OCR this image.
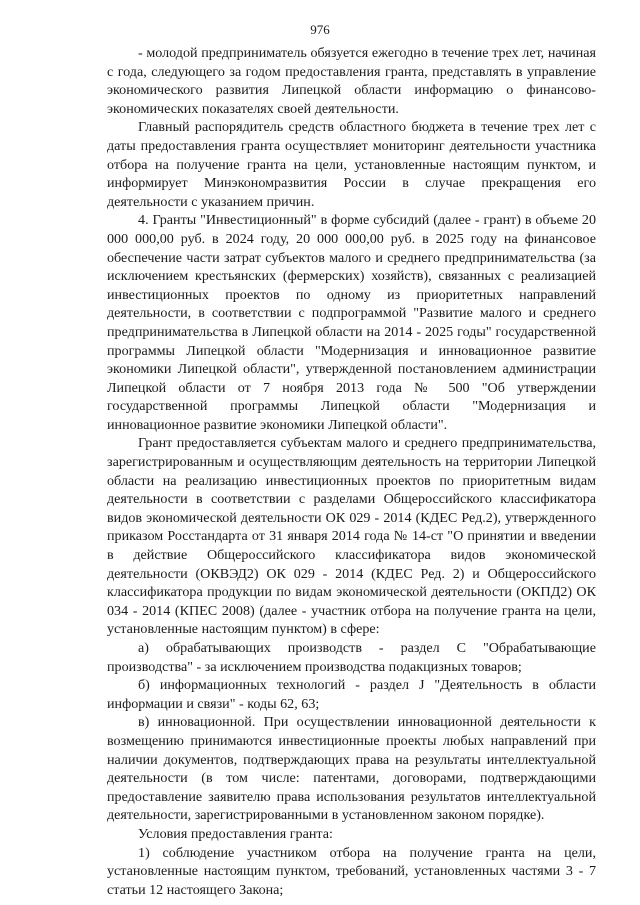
976

- молодой предприниматель обязуется ежегодно в течение трех лет, начиная с года, следующего за годом предоставления гранта, представлять в управление экономического развития Липецкой области информацию о финансово-экономических показателях своей деятельности.

Главный распорядитель средств областного бюджета в течение трех лет с даты предоставления гранта осуществляет мониторинг деятельности участника отбора на получение гранта на цели, установленные настоящим пунктом, и информирует Минэкономразвития России в случае прекращения его деятельности с указанием причин.

4. Гранты "Инвестиционный" в форме субсидий (далее - грант) в объеме 20 000 000,00 руб. в 2024 году, 20 000 000,00 руб. в 2025 году на финансовое обеспечение части затрат субъектов малого и среднего предпринимательства (за исключением крестьянских (фермерских) хозяйств), связанных с реализацией инвестиционных проектов по одному из приоритетных направлений деятельности, в соответствии с подпрограммой "Развитие малого и среднего предпринимательства в Липецкой области на 2014 - 2025 годы" государственной программы Липецкой области "Модернизация и инновационное развитие экономики Липецкой области", утвержденной постановлением администрации Липецкой области от 7 ноября 2013 года № 500 "Об утверждении государственной программы Липецкой области "Модернизация и инновационное развитие экономики Липецкой области".

Грант предоставляется субъектам малого и среднего предпринимательства, зарегистрированным и осуществляющим деятельность на территории Липецкой области на реализацию инвестиционных проектов по приоритетным видам деятельности в соответствии с разделами Общероссийского классификатора видов экономической деятельности ОК 029 - 2014 (КДЕС Ред.2), утвержденного приказом Росстандарта от 31 января 2014 года № 14-ст "О принятии и введении в действие Общероссийского классификатора видов экономической деятельности (ОКВЭД2) ОК 029 - 2014 (КДЕС Ред. 2) и Общероссийского классификатора продукции по видам экономической деятельности (ОКПД2) ОК 034 - 2014 (КПЕС 2008) (далее - участник отбора на получение гранта на цели, установленные настоящим пунктом) в сфере:

а) обрабатывающих производств - раздел С "Обрабатывающие производства" - за исключением производства подакцизных товаров;

б) информационных технологий - раздел J "Деятельность в области информации и связи" - коды 62, 63;

в) инновационной. При осуществлении инновационной деятельности к возмещению принимаются инвестиционные проекты любых направлений при наличии документов, подтверждающих права на результаты интеллектуальной деятельности (в том числе: патентами, договорами, подтверждающими предоставление заявителю права использования результатов интеллектуальной деятельности, зарегистрированными в установленном законом порядке).

Условия предоставления гранта:

1) соблюдение участником отбора на получение гранта на цели, установленные настоящим пунктом, требований, установленных частями 3 - 7 статьи 12 настоящего Закона;
